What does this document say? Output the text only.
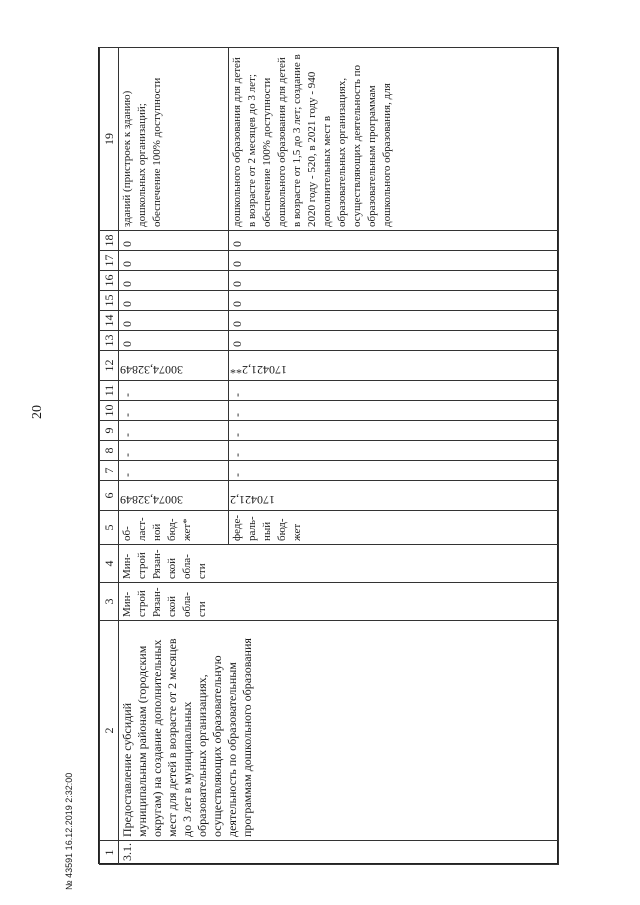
20
№ 43591 16.12.2019 2:32:00	1	2	3	4	5	6	7	8	9	10	11	12	13	14	15	16	17	18	19
3.1.	Предоставление субсидий муниципальным районам (городским округам) на создание дополнительных мест для детей в возрасте от 2 месяцев до 3 лет в муниципальных образовательных организациях, осуществляющих образовательную деятельность по образовательным программам дошкольного образования	Мин-строй Рязан-ской обла-сти	Мин-строй Рязан-ской обла-сти	об-ласт-ной бюд-жет*	30074,32849	-	-	-	-	-	30074,32849	0	0	0	0	0	0	зданий (пристроек к зданию) дошкольных организаций; обеспечение 100% доступности
				феде-раль-ный бюд-жет	170421,2	-	-	-	-	-	170421,2**	0	0	0	0	0	0	дошкольного образования для детей в возрасте от 2 месяцев до 3 лет; обеспечение 100% доступности дошкольного образования для детей в возрасте от 1,5 до 3 лет; создание в 2020 году - 520, в 2021 году - 940 дополнительных мест в образовательных организациях, осуществляющих деятельность по образовательным программам дошкольного образования, для
